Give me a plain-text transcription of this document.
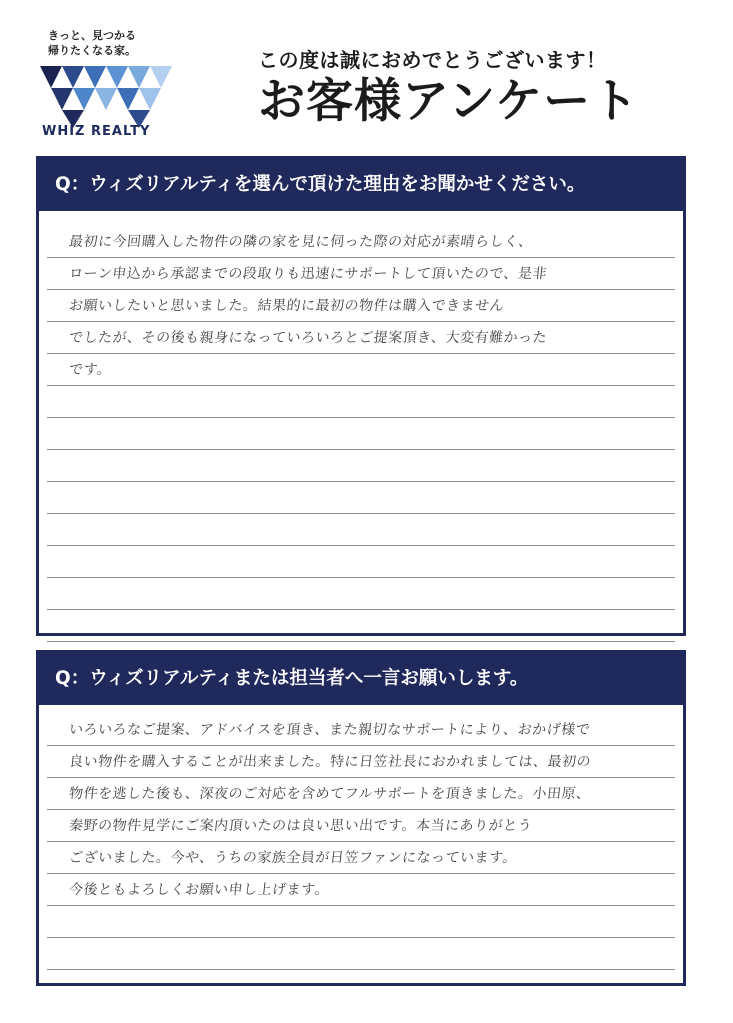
きっと、見つかる
帰りたくなる家。
WHIZ REALTY
この度は誠におめでとうございます！
お客様アンケート
Q：ウィズリアルティを選んで頂けた理由をお聞かせください。
最初に今回購入した物件の隣の家を見に伺った際の対応が素晴らしく、
ローン申込から承認までの段取りも迅速にサポートして頂いたので、是非
お願いしたいと思いました。結果的に最初の物件は購入できません
でしたが、その後も親身になっていろいろとご提案頂き、大変有難かった
です。
Q：ウィズリアルティまたは担当者へ一言お願いします。
いろいろなご提案、アドバイスを頂き、また親切なサポートにより、おかげ様で
良い物件を購入することが出来ました。特に日笠社長におかれましては、最初の
物件を逃した後も、深夜のご対応を含めてフルサポートを頂きました。小田原、
秦野の物件見学にご案内頂いたのは良い思い出です。本当にありがとう
ございました。今や、うちの家族全員が日笠ファンになっています。
今後ともよろしくお願い申し上げます。
